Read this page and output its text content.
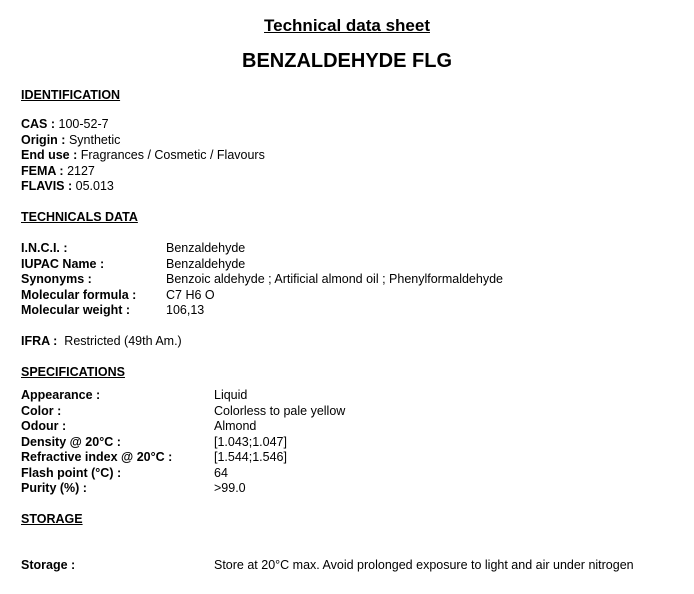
Technical data sheet
BENZALDEHYDE FLG
IDENTIFICATION
CAS : 100-52-7
Origin : Synthetic
End use : Fragrances / Cosmetic / Flavours
FEMA : 2127
FLAVIS : 05.013
TECHNICALS DATA
I.N.C.I. :	Benzaldehyde
IUPAC Name :	Benzaldehyde
Synonyms :	Benzoic aldehyde ; Artificial almond oil ; Phenylformaldehyde
Molecular formula : C7 H6 O
Molecular weight :	106,13
IFRA : Restricted (49th Am.)
SPECIFICATIONS
Appearance :	Liquid
Color :	Colorless to pale yellow
Odour :	Almond
Density @ 20°C :	[1.043;1.047]
Refractive index @ 20°C :	[1.544;1.546]
Flash point (°C) :	64
Purity (%) :	>99.0
STORAGE
Storage :	Store at 20°C max. Avoid prolonged exposure to light and air under nitrogen
